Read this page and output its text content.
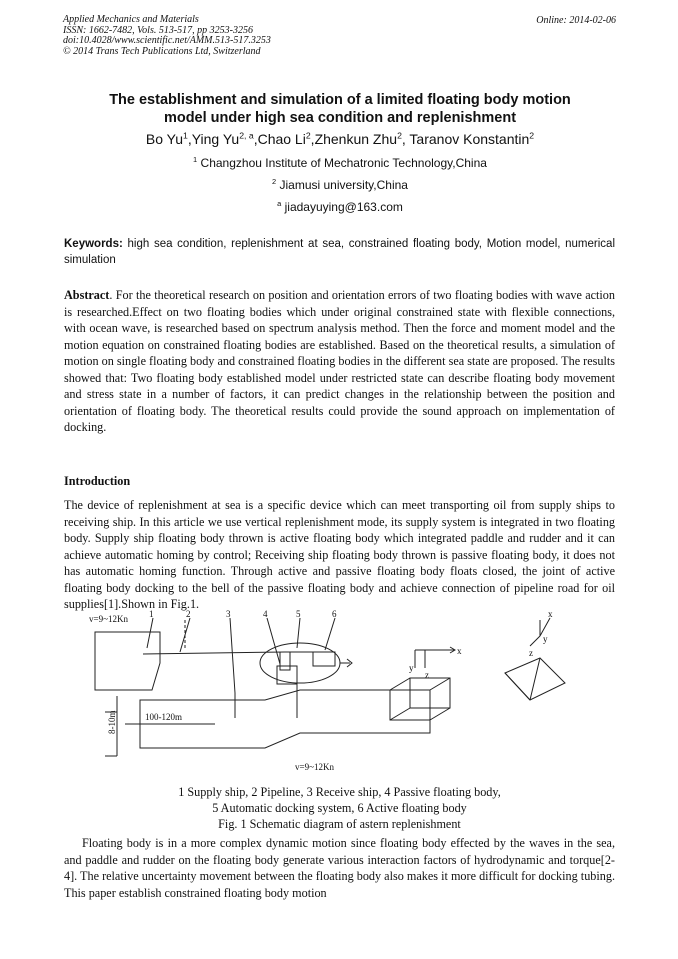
Applied Mechanics and Materials
ISSN: 1662-7482, Vols. 513-517, pp 3253-3256
doi:10.4028/www.scientific.net/AMM.513-517.3253
© 2014 Trans Tech Publications Ltd, Switzerland
Online: 2014-02-06
The establishment and simulation of a limited floating body motion
model under high sea condition and replenishment
Bo Yu$^1$,Ying Yu$^{2, a}$,Chao Li$^2$,Zhenkun Zhu$^2$, Taranov Konstantin$^2$
$^1$ Changzhou Institute of Mechatronic Technology,China
$^2$ Jiamusi university,China
$^a$ jiadayuying@163.com
Keywords: high sea condition, replenishment at sea, constrained floating body, Motion model, numerical simulation
Abstract. For the theoretical research on position and orientation errors of two floating bodies with wave action is researched.Effect on two floating bodies which under original constrained state with flexible connections, with ocean wave, is researched based on spectrum analysis method. Then the force and moment model and the motion equation on constrained floating bodies are established. Based on the theoretical results, a simulation of motion on single floating body and constrained floating bodies in the different sea state are proposed. The results showed that: Two floating body established model under restricted state can describe floating body movement and stress state in a number of factors, it can predict changes in the relationship between the position and orientation of floating body. The theoretical results could provide the sound approach on implementation of docking.
Introduction
The device of replenishment at sea is a specific device which can meet transporting oil from supply ships to receiving ship. In this article we use vertical replenishment mode, its supply system is integrated in two floating body. Supply ship floating body thrown is active floating body which integrated paddle and rudder and it can achieve automatic homing by control; Receiving ship floating body thrown is passive floating body, it does not has automatic homing function. Through active and passive floating body floats closed, the joint of active floating body docking to the bell of the passive floating body and achieve connection of pipeline road for oil supplies[1].Shown in Fig.1.
1	2	3	4	5	6
v=9~12Kn
v=9~12Kn
8-10m	100-120m
x
y
z
x
y
z
1 Supply ship, 2 Pipeline, 3 Receive ship, 4 Passive floating body,
5 Automatic docking system, 6 Active floating body
Fig. 1 Schematic diagram of astern replenishment
Floating body is in a more complex dynamic motion since floating body effected by the waves in the sea, and paddle and rudder on the floating body generate various interaction factors of hydrodynamic and torque[2-4]. The relative uncertainty movement between the floating body also makes it more difficult for docking tubing. This paper establish constrained floating body motion
